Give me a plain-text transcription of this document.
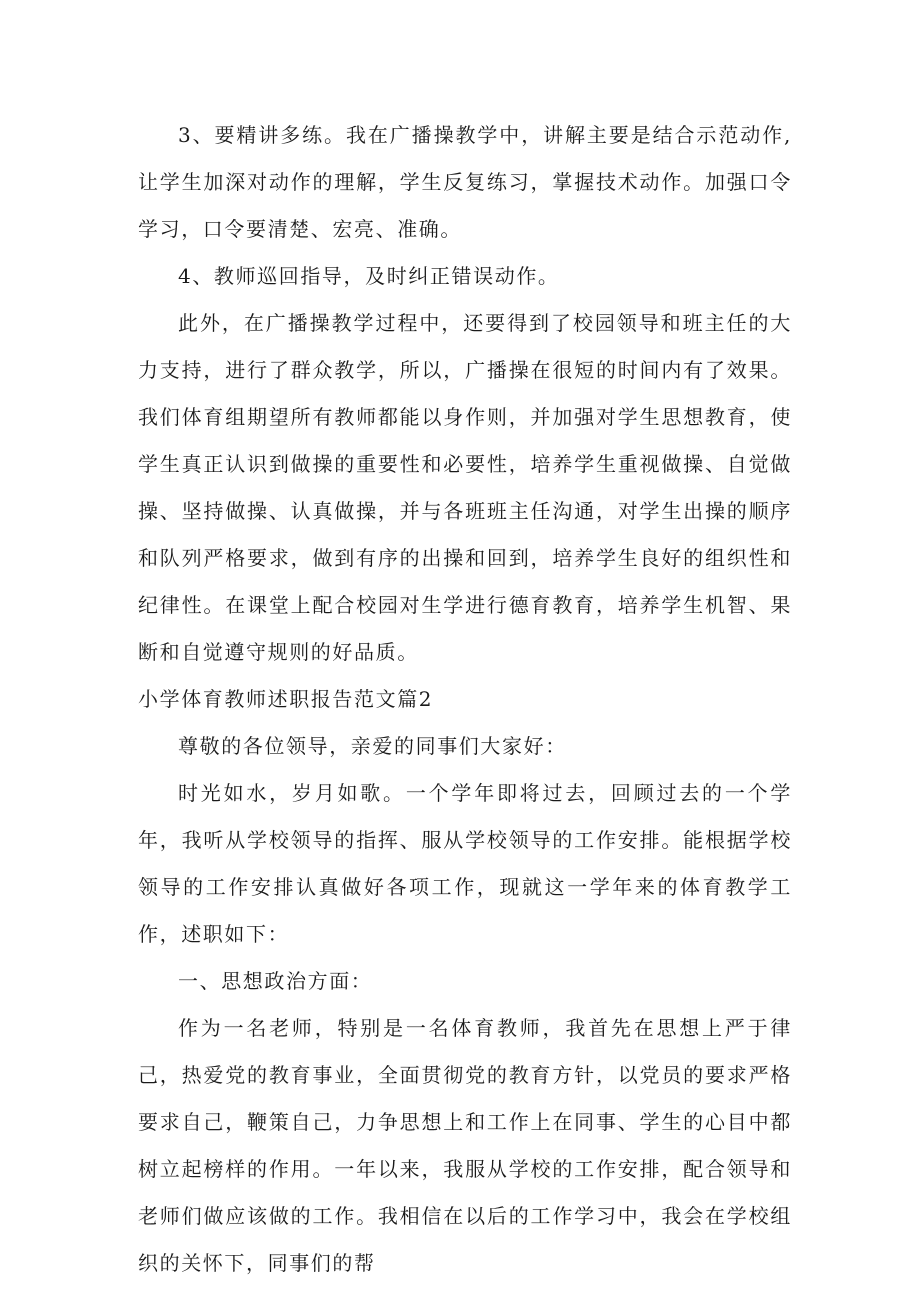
3、要精讲多练。我在广播操教学中，讲解主要是结合示范动作,让学生加深对动作的理解，学生反复练习，掌握技术动作。加强口令学习，口令要清楚、宏亮、准确。

4、教师巡回指导，及时纠正错误动作。

此外，在广播操教学过程中，还要得到了校园领导和班主任的大力支持，进行了群众教学，所以，广播操在很短的时间内有了效果。我们体育组期望所有教师都能以身作则，并加强对学生思想教育，使学生真正认识到做操的重要性和必要性，培养学生重视做操、自觉做操、坚持做操、认真做操，并与各班班主任沟通，对学生出操的顺序和队列严格要求，做到有序的出操和回到，培养学生良好的组织性和纪律性。在课堂上配合校园对生学进行德育教育，培养学生机智、果断和自觉遵守规则的好品质。

小学体育教师述职报告范文篇2

尊敬的各位领导，亲爱的同事们大家好：

时光如水，岁月如歌。一个学年即将过去，回顾过去的一个学年，我听从学校领导的指挥、服从学校领导的工作安排。能根据学校领导的工作安排认真做好各项工作，现就这一学年来的体育教学工作，述职如下：

一、思想政治方面：

作为一名老师，特别是一名体育教师，我首先在思想上严于律己，热爱党的教育事业，全面贯彻党的教育方针，以党员的要求严格要求自己，鞭策自己，力争思想上和工作上在同事、学生的心目中都树立起榜样的作用。一年以来，我服从学校的工作安排，配合领导和老师们做应该做的工作。我相信在以后的工作学习中，我会在学校组织的关怀下，同事们的帮
